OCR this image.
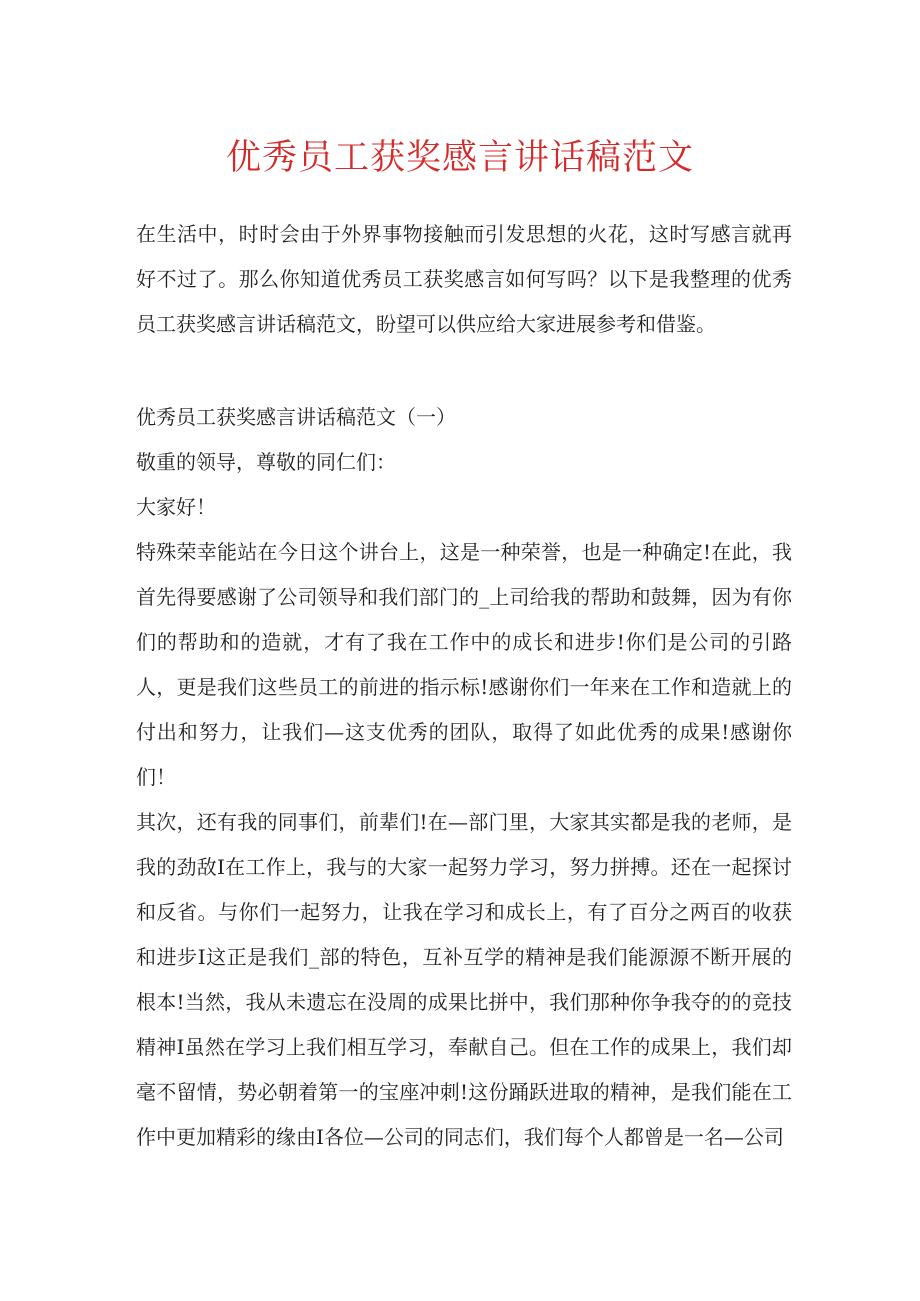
优秀员工获奖感言讲话稿范文

在生活中，时时会由于外界事物接触而引发思想的火花，这时写感言就再好不过了。那么你知道优秀员工获奖感言如何写吗？以下是我整理的优秀员工获奖感言讲话稿范文，盼望可以供应给大家进展参考和借鉴。

优秀员工获奖感言讲话稿范文（一）

敬重的领导，尊敬的同仁们：

大家好！

特殊荣幸能站在今日这个讲台上，这是一种荣誉，也是一种确定!在此，我首先得要感谢了公司领导和我们部门的_上司给我的帮助和鼓舞，因为有你们的帮助和的造就，才有了我在工作中的成长和进步!你们是公司的引路人，更是我们这些员工的前进的指示标!感谢你们一年来在工作和造就上的付出和努力，让我们—这支优秀的团队，取得了如此优秀的成果!感谢你们！

其次，还有我的同事们，前辈们!在—部门里，大家其实都是我的老师，是我的劲敌I在工作上，我与的大家一起努力学习，努力拼搏。还在一起探讨和反省。与你们一起努力，让我在学习和成长上，有了百分之两百的收获和进步I这正是我们_部的特色，互补互学的精神是我们能源源不断开展的根本!当然，我从未遗忘在没周的成果比拼中，我们那种你争我夺的的竞技精神I虽然在学习上我们相互学习，奉献自己。但在工作的成果上，我们却毫不留情，势必朝着第一的宝座冲刺!这份踊跃进取的精神，是我们能在工作中更加精彩的缘由I各位—公司的同志们，我们每个人都曾是一名—公司
